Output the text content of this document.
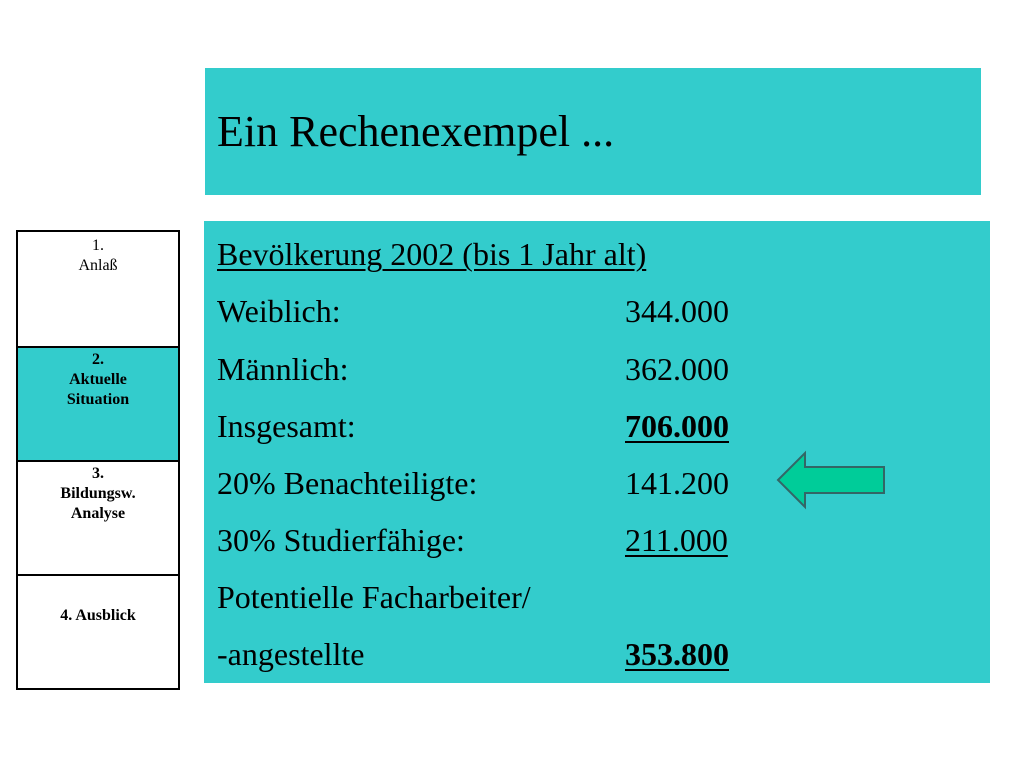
Ein Rechenexempel ...
1.
Anlaß
2.
Aktuelle
Situation
3.
Bildungsw.
Analyse
4. Ausblick
Bevölkerung 2002 (bis 1 Jahr alt)
Weiblich:	344.000
Männlich:	362.000
Insgesamt:	706.000
20% Benachteiligte:	141.200
30% Studierfähige:	211.000
Potentielle Facharbeiter/
-angestellte	353.800
